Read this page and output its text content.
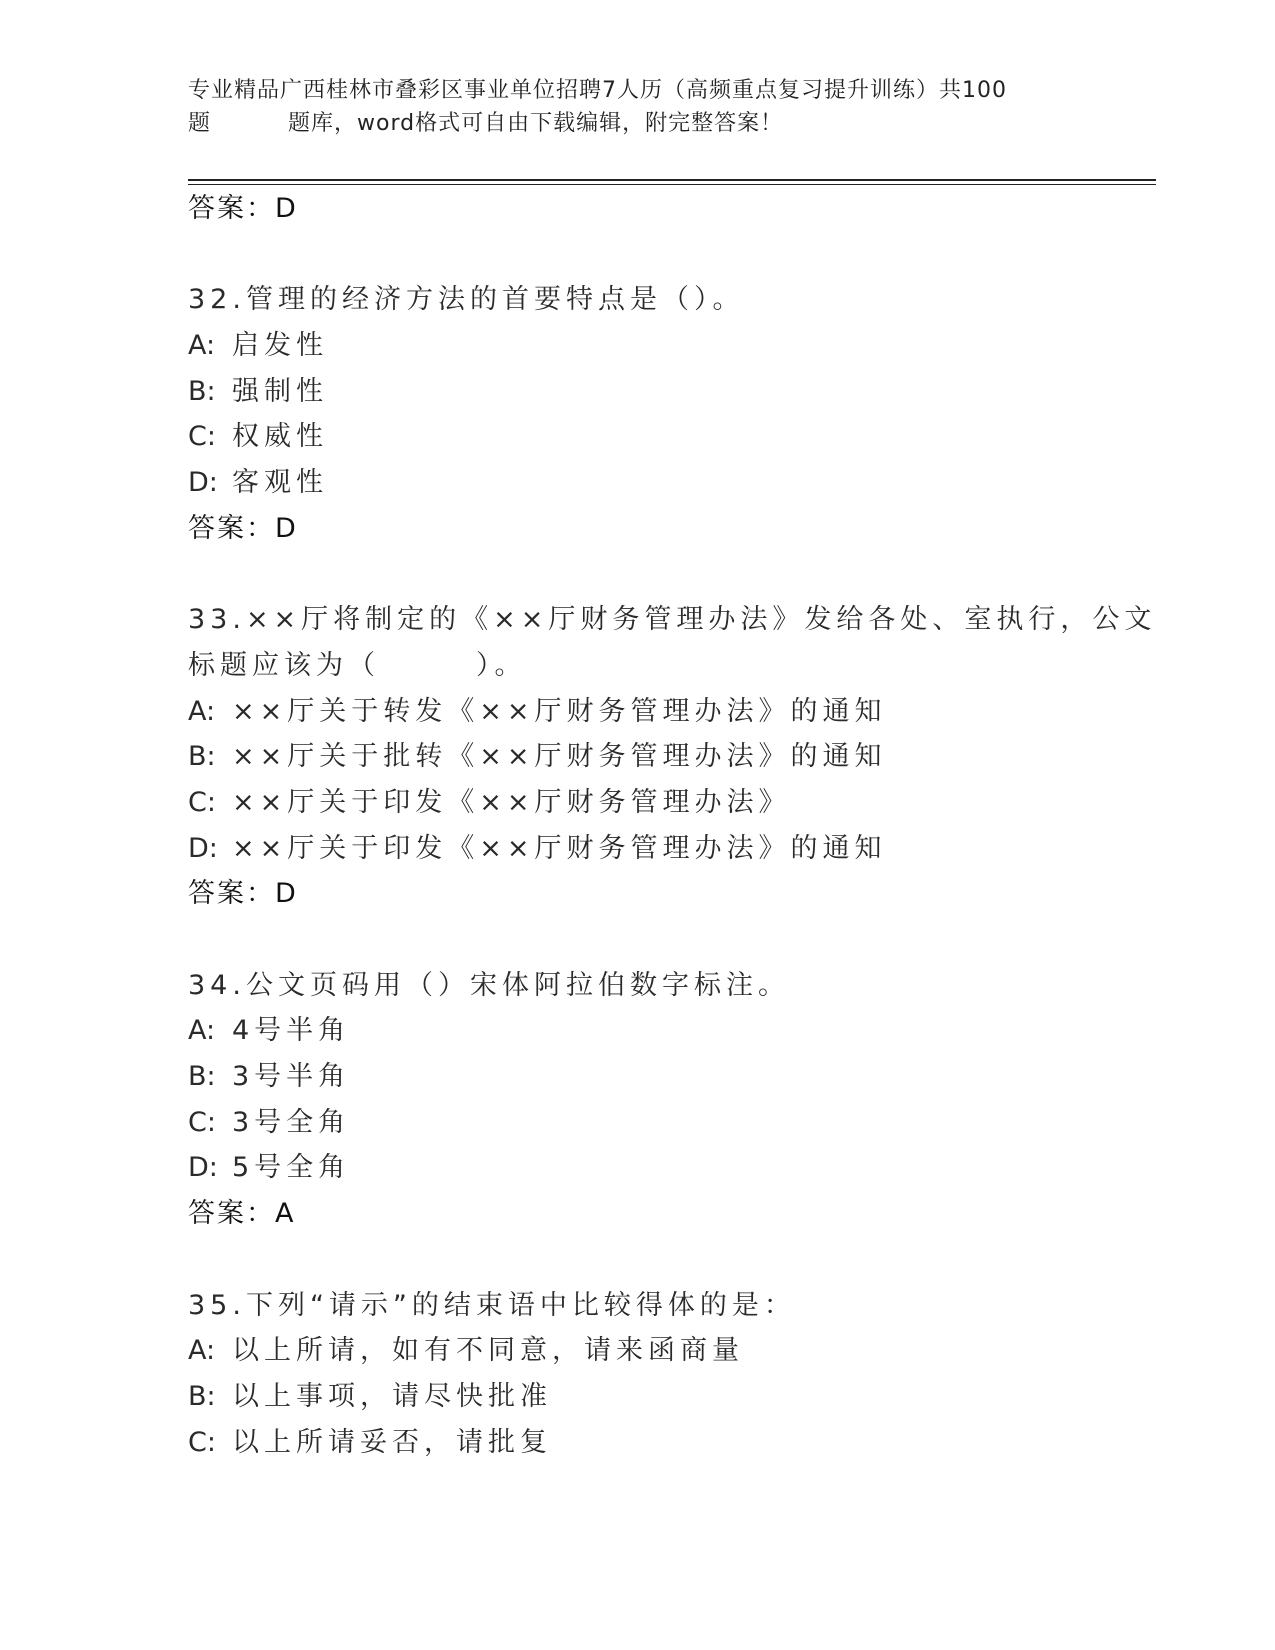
专业精品广西桂林市叠彩区事业单位招聘7人历（高频重点复习提升训练）共100
题	题库，word格式可自由下载编辑，附完整答案！
答案：D
32.管理的经济方法的首要特点是（）。
A: 启发性
B: 强制性
C: 权威性
D: 客观性
答案：D
33.××厅将制定的《××厅财务管理办法》发给各处、室执行，公文
标题应该为（　　　）。
A: ××厅关于转发《××厅财务管理办法》的通知
B: ××厅关于批转《××厅财务管理办法》的通知
C: ××厅关于印发《××厅财务管理办法》
D: ××厅关于印发《××厅财务管理办法》的通知
答案：D
34.公文页码用（）宋体阿拉伯数字标注。
A: 4号半角
B: 3号半角
C: 3号全角
D: 5号全角
答案：A
35.下列“请示”的结束语中比较得体的是：
A: 以上所请，如有不同意，请来函商量
B: 以上事项，请尽快批准
C: 以上所请妥否，请批复
